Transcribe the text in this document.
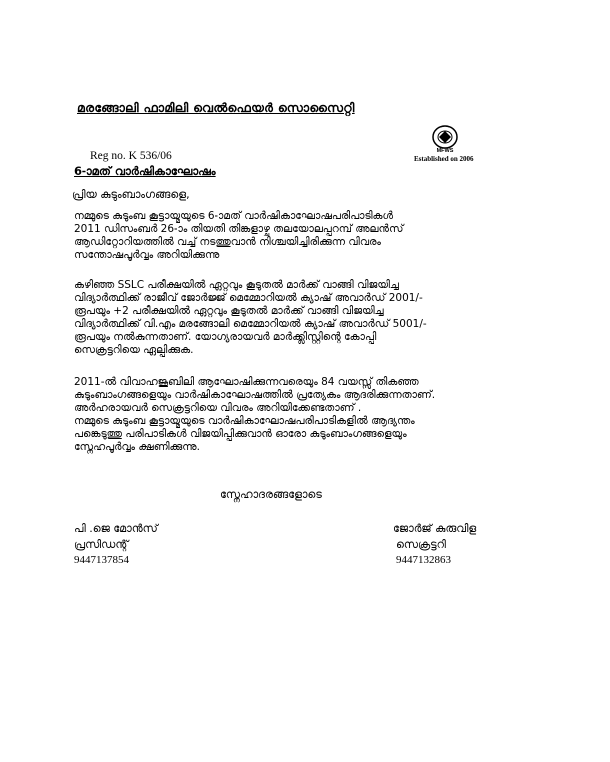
മരങ്ങോലി ഫാമിലി വെൽഫെയർ സൊസൈറ്റി
MFWS
Established on 2006
Reg no. K 536/06
6-ാമത് വാർഷികാഘോഷം
പ്രിയ കുടുംബാംഗങ്ങളെ,
നമ്മുടെ കുടുംബ കൂട്ടായ്മയുടെ 6-ാമത് വാർഷികാഘോഷപരിപാടികൾ
2011 ഡിസംബർ 26-ാം തിയതി തിങ്കളാഴ്ച തലയോലപ്പറമ്പ് അലൻസ്
ആഡിറ്റോറിയത്തിൽ വച്ച് നടത്തുവാൻ നിശ്ചയിച്ചിരിക്കുന്ന വിവരം
സന്തോഷപൂർവ്വം അറിയിക്കുന്നു
കഴിഞ്ഞ SSLC പരീക്ഷയിൽ ഏറ്റവും കൂടുതൽ മാർക്ക് വാങ്ങി വിജയിച്ച
വിദ്യാർത്ഥിക്ക് രാജീവ് ജോർജ്ജ് മെമ്മോറിയൽ ക്യാഷ് അവാർഡ് 2001/-
രൂപയും +2 പരീക്ഷയിൽ ഏറ്റവും കൂടുതൽ മാർക്ക് വാങ്ങി വിജയിച്ച
വിദ്യാർത്ഥിക്ക് വി.എം മരങ്ങോലി മെമ്മോറിയൽ ക്യാഷ് അവാർഡ് 5001/-
രൂപയും നൽകുന്നതാണ്. യോഗ്യരായവർ മാർക്ക്ലിസ്റ്റിന്റെ കോപ്പി
സെക്രട്ടറിയെ ഏല്പിക്കുക.
2011-ൽ വിവാഹജൂബിലി ആഘോഷിക്കുന്നവരെയും 84 വയസ്സ് തികഞ്ഞ
കുടുംബാംഗങ്ങളെയും വാർഷികാഘോഷത്തിൽ പ്രത്യേകം ആദരിക്കുന്നതാണ്.
അർഹരായവർ സെക്രട്ടറിയെ വിവരം അറിയിക്കേണ്ടതാണ് .
നമ്മുടെ കുടുംബ കൂട്ടായ്മയുടെ വാർഷികാഘോഷപരിപാടികളിൽ ആദ്യന്തം
പങ്കെടുത്തു പരിപാടികൾ വിജയിപ്പിക്കുവാൻ ഓരോ കുടുംബാംഗങ്ങളെയും
സ്നേഹപൂർവ്വം ക്ഷണിക്കുന്നു.
സ്നേഹാദരങ്ങളോടെ
പി .ജെ മോൻസ്
പ്രസിഡന്റ്
9447137854
ജോർജ് കുരുവിള
സെക്രട്ടറി
9447132863
